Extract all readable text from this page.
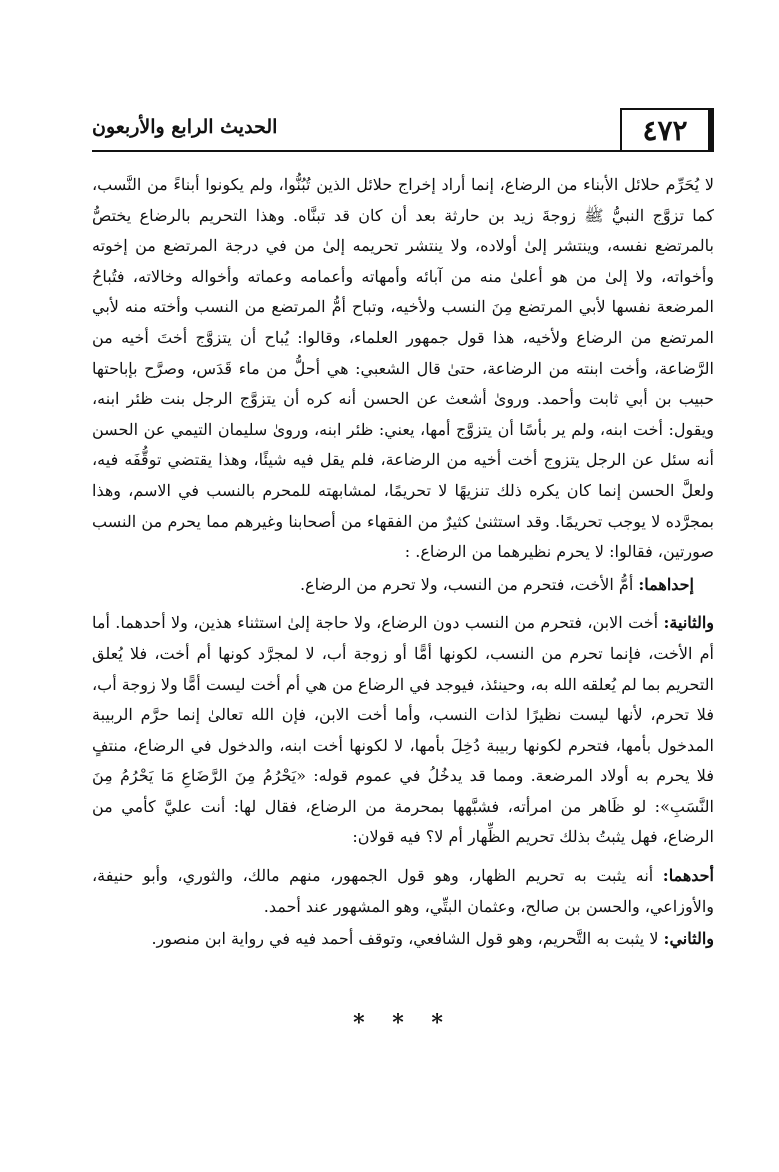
٤٧٢
الحديث الرابع والأربعون

لا يُحَرِّم حلائل الأبناء من الرضاع، إنما أراد إخراج حلائل الذين تُبُنُّوا، ولم يكونوا أبناءً من النَّسب، كما تزوَّج النبيُّ ﷺ زوجةَ زيد بن حارثة بعد أن كان قد تبنَّاه. وهذا التحريم بالرضاع يختصُّ بالمرتضع نفسه، وينتشر إلىٰ أولاده، ولا ينتشر تحريمه إلىٰ من في درجة المرتضع من إخوته وأخواته، ولا إلىٰ من هو أعلىٰ منه من آبائه وأمهاته وأعمامه وعماته وأخواله وخالاته، فتُباحُ المرضعة نفسها لأبي المرتضع مِنَ النسب ولأخيه، وتباح أمُّ المرتضع من النسب وأخته منه لأبي المرتضع من الرضاع ولأخيه، هذا قول جمهور العلماء، وقالوا: يُباح أن يتزوَّج أختَ أخيه من الرَّضاعة، وأخت ابنته من الرضاعة، حتىٰ قال الشعبي: هي أحلُّ من ماء قَدَس، وصرَّح بإباحتها حبيب بن أبي ثابت وأحمد. وروىٰ أشعث عن الحسن أنه كره أن يتزوَّج الرجل بنت ظئر ابنه، ويقول: أخت ابنه، ولم ير بأسًا أن يتزوَّج أمها، يعني: ظئر ابنه، وروىٰ سليمان التيمي عن الحسن أنه سئل عن الرجل يتزوج أخت أخيه من الرضاعة، فلم يقل فيه شيئًا، وهذا يقتضي توقُّفَه فيه، ولعلَّ الحسن إنما كان يكره ذلك تنزيهًا لا تحريمًا، لمشابهته للمحرم بالنسب في الاسم، وهذا بمجرَّده لا يوجب تحريمًا. وقد استثنىٰ كثيرٌ من الفقهاء من أصحابنا وغيرهم مما يحرم من النسب صورتين، فقالوا: لا يحرم نظيرهما من الرضاع. :

إحداهما: أمُّ الأخت، فتحرم من النسب، ولا تحرم من الرضاع.

والثانية: أخت الابن، فتحرم من النسب دون الرضاع، ولا حاجة إلىٰ استثناء هذين، ولا أحدهما. أما أم الأخت، فإنما تحرم من النسب، لكونها أمًّا أو زوجة أب، لا لمجرَّد كونها أم أخت، فلا يُعلق التحريم بما لم يُعلقه الله به، وحينئذ، فيوجد في الرضاع من هي أم أخت ليست أمًّا ولا زوجة أب، فلا تحرم، لأنها ليست نظيرًا لذات النسب، وأما أخت الابن، فإن الله تعالىٰ إنما حرَّم الربيبة المدخول بأمها، فتحرم لكونها ربيبة دُخِلَ بأمها، لا لكونها أخت ابنه، والدخول في الرضاع، منتفٍ فلا يحرم به أولاد المرضعة. ومما قد يدخُلُ في عموم قوله: «يَحْرُمُ مِنَ الرَّضَاعِ مَا يَحْرُمُ مِنَ النَّسَبِ»: لو ظَاهر من امرأته، فشبَّهها بمحرمة من الرضاع، فقال لها: أنت عليَّ كأمي من الرضاع، فهل يثبتُ بذلك تحريم الظِّهار أم لا؟ فيه قولان:

أحدهما: أنه يثبت به تحريم الظهار، وهو قول الجمهور، منهم مالك، والثوري، وأبو حنيفة، والأوزاعي، والحسن بن صالح، وعثمان البتِّي، وهو المشهور عند أحمد.

والثاني: لا يثبت به التَّحريم، وهو قول الشافعي، وتوقف أحمد فيه في رواية ابن منصور.

* * *
